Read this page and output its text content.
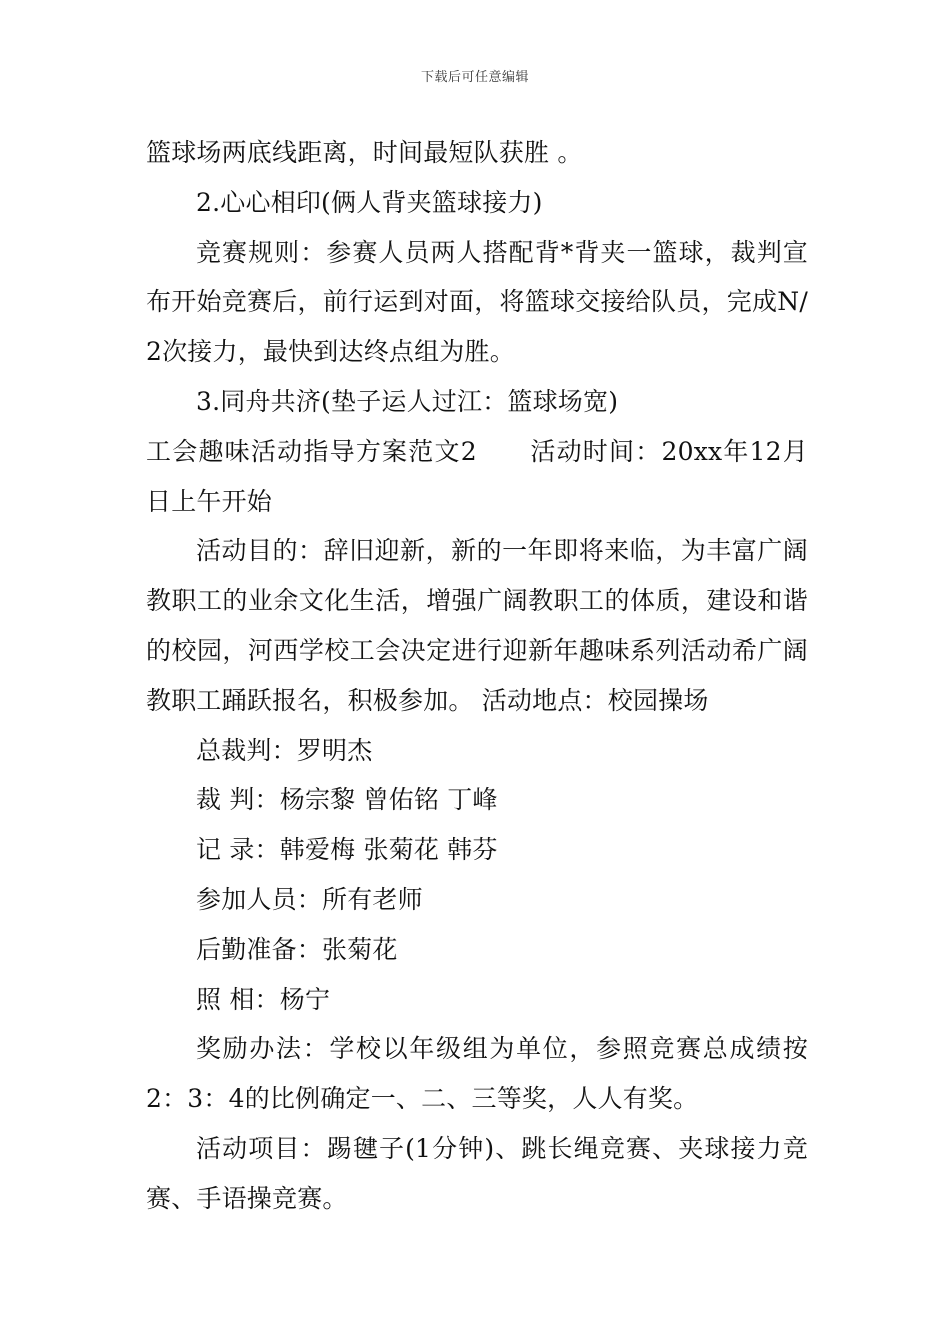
下载后可任意编辑

篮球场两底线距离，时间最短队获胜 。

2.心心相印(俩人背夹篮球接力)

竞赛规则：参赛人员两人搭配背*背夹一篮球，裁判宣布开始竞赛后，前行运到对面，将篮球交接给队员，完成N/2次接力，最快到达终点组为胜。

3.同舟共济(垫子运人过江：篮球场宽)

工会趣味活动指导方案范文2　　活动时间：20xx年12月日上午开始

活动目的：辞旧迎新，新的一年即将来临，为丰富广阔教职工的业余文化生活，增强广阔教职工的体质，建设和谐的校园，河西学校工会决定进行迎新年趣味系列活动希广阔教职工踊跃报名，积极参加。 活动地点：校园操场

总裁判：罗明杰

裁 判：杨宗黎 曾佑铭 丁峰

记 录：韩爱梅 张菊花 韩芬

参加人员：所有老师

后勤准备：张菊花

照 相：杨宁

奖励办法：学校以年级组为单位，参照竞赛总成绩按2：3：4的比例确定一、二、三等奖，人人有奖。

活动项目：踢毽子(1分钟)、跳长绳竞赛、夹球接力竞赛、手语操竞赛。
